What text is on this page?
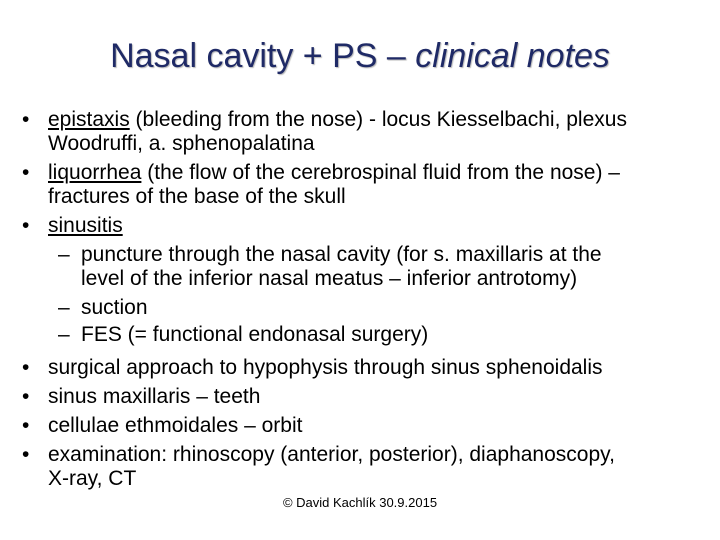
Nasal cavity + PS – clinical notes
• epistaxis (bleeding from the nose) - locus Kiesselbachi, plexus
Woodruffi, a. sphenopalatina
• liquorrhea (the flow of the cerebrospinal fluid from the nose) –
fractures of the base of the skull
• sinusitis
– puncture through the nasal cavity (for s. maxillaris at the
level of the inferior nasal meatus – inferior antrotomy)
– suction
– FES (= functional endonasal surgery)
• surgical approach to hypophysis through sinus sphenoidalis
• sinus maxillaris – teeth
• cellulae ethmoidales – orbit
• examination: rhinoscopy (anterior, posterior), diaphanoscopy,
X-ray, CT
© David Kachlík 30.9.2015
